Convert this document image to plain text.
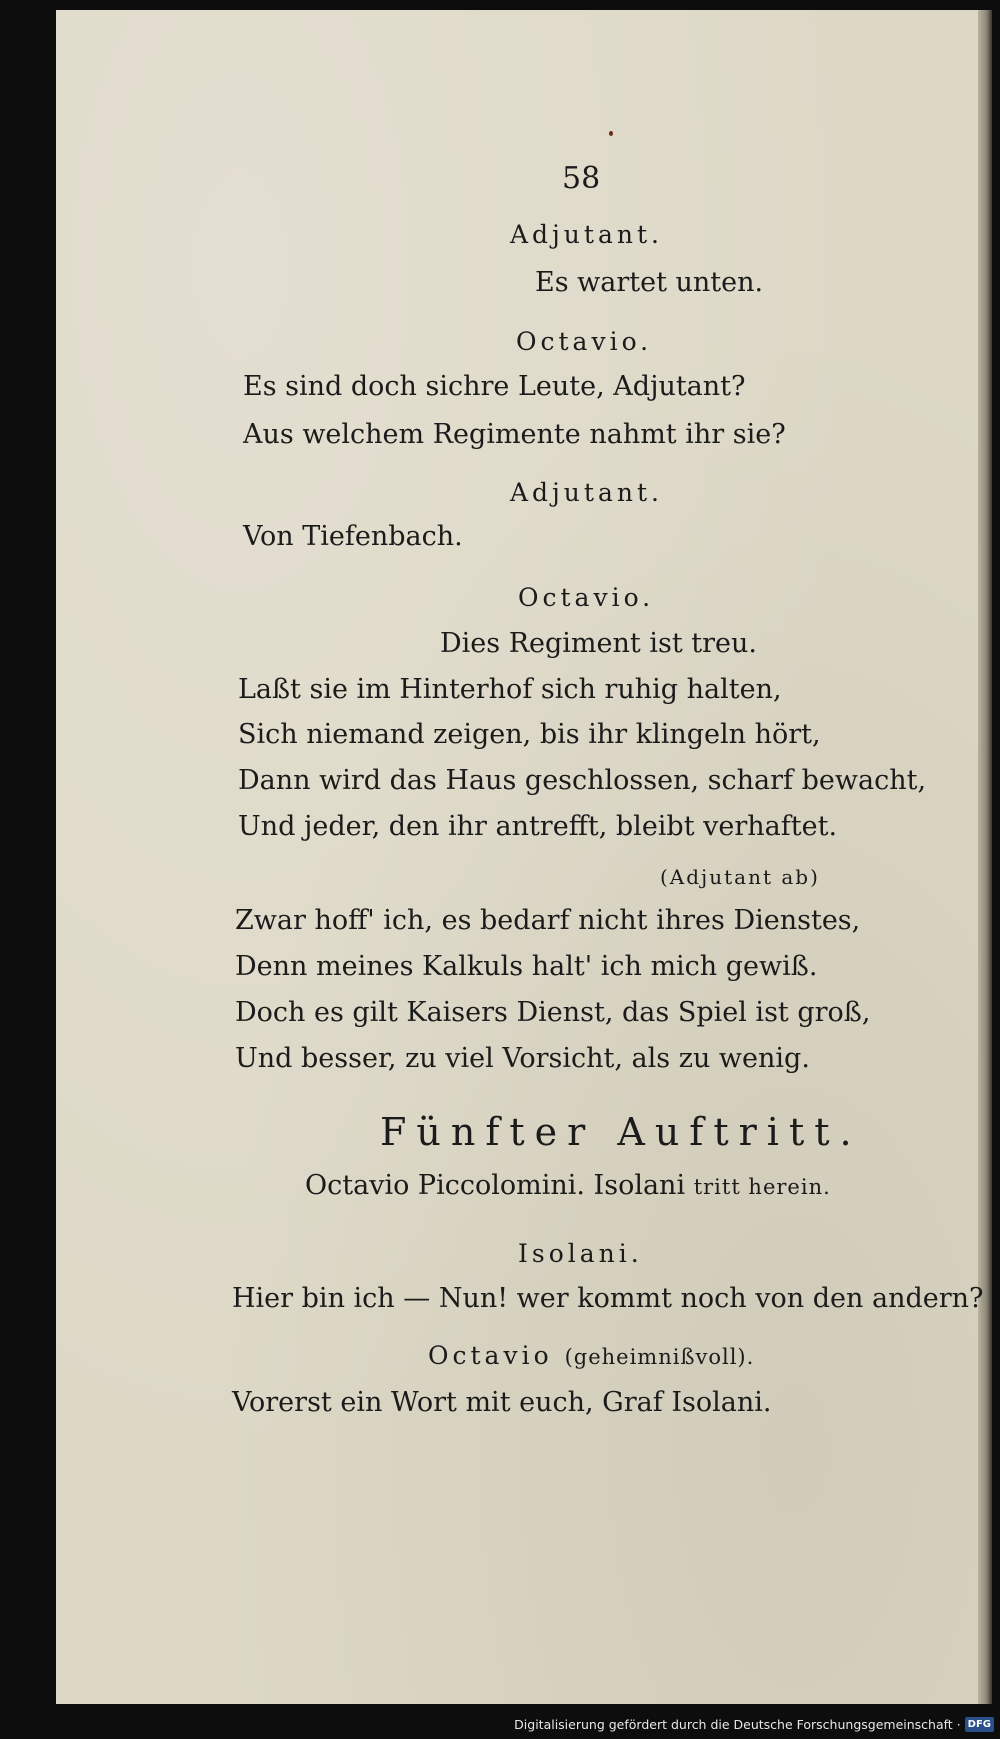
58
Adjutant.
Es wartet unten.
Octavio.
Es sind doch sichre Leute, Adjutant?
Aus welchem Regimente nahmt ihr sie?
Adjutant.
Von Tiefenbach.
Octavio.
Dies Regiment ist treu.
Laßt sie im Hinterhof sich ruhig halten,
Sich niemand zeigen, bis ihr klingeln hört,
Dann wird das Haus geschlossen, scharf bewacht,
Und jeder, den ihr antrefft, bleibt verhaftet.
(Adjutant ab)
Zwar hoff' ich, es bedarf nicht ihres Dienstes,
Denn meines Kalkuls halt' ich mich gewiß.
Doch es gilt Kaisers Dienst, das Spiel ist groß,
Und besser, zu viel Vorsicht, als zu wenig.
Fünfter Auftritt.
Octavio Piccolomini. Isolani tritt herein.
Isolani.
Hier bin ich — Nun! wer kommt noch von den andern?
Octavio (geheimnißvoll).
Vorerst ein Wort mit euch, Graf Isolani.
Digitalisierung gefördert durch die Deutsche Forschungsgemeinschaft · DFG
